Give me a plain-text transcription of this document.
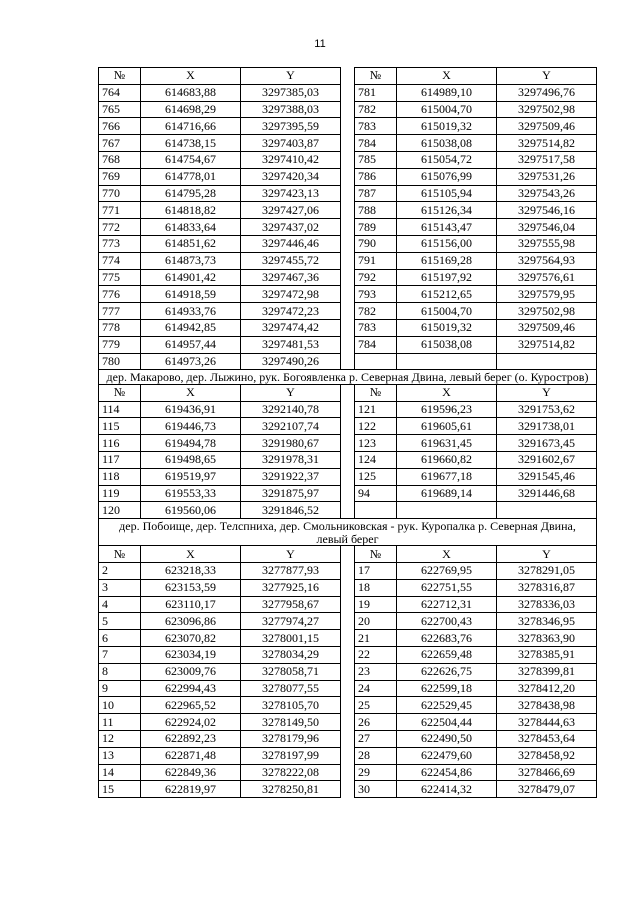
11
№	X	Y		№	X	Y
764	614683,88	3297385,03		781	614989,10	3297496,76
765	614698,29	3297388,03		782	615004,70	3297502,98
766	614716,66	3297395,59		783	615019,32	3297509,46
767	614738,15	3297403,87		784	615038,08	3297514,82
768	614754,67	3297410,42		785	615054,72	3297517,58
769	614778,01	3297420,34		786	615076,99	3297531,26
770	614795,28	3297423,13		787	615105,94	3297543,26
771	614818,82	3297427,06		788	615126,34	3297546,16
772	614833,64	3297437,02		789	615143,47	3297546,04
773	614851,62	3297446,46		790	615156,00	3297555,98
774	614873,73	3297455,72		791	615169,28	3297564,93
775	614901,42	3297467,36		792	615197,92	3297576,61
776	614918,59	3297472,98		793	615212,65	3297579,95
777	614933,76	3297472,23		782	615004,70	3297502,98
778	614942,85	3297474,42		783	615019,32	3297509,46
779	614957,44	3297481,53		784	615038,08	3297514,82
780	614973,26	3297490,26				
дер. Макарово, дер. Лыжино, рук. Богоявленка р. Северная Двина, левый берег (о. Куростров)						
№	X	Y		№	X	Y
114	619436,91	3292140,78		121	619596,23	3291753,62
115	619446,73	3292107,74		122	619605,61	3291738,01
116	619494,78	3291980,67		123	619631,45	3291673,45
117	619498,65	3291978,31		124	619660,82	3291602,67
118	619519,97	3291922,37		125	619677,18	3291545,46
119	619553,33	3291875,97		94	619689,14	3291446,68
120	619560,06	3291846,52				
дер. Побоище, дер. Телспниха, дер. Смольниковская - рук. Куропалка р. Северная Двина, левый берег						
№	X	Y		№	X	Y
2	623218,33	3277877,93		17	622769,95	3278291,05
3	623153,59	3277925,16		18	622751,55	3278316,87
4	623110,17	3277958,67		19	622712,31	3278336,03
5	623096,86	3277974,27		20	622700,43	3278346,95
6	623070,82	3278001,15		21	622683,76	3278363,90
7	623034,19	3278034,29		22	622659,48	3278385,91
8	623009,76	3278058,71		23	622626,75	3278399,81
9	622994,43	3278077,55		24	622599,18	3278412,20
10	622965,52	3278105,70		25	622529,45	3278438,98
11	622924,02	3278149,50		26	622504,44	3278444,63
12	622892,23	3278179,96		27	622490,50	3278453,64
13	622871,48	3278197,99		28	622479,60	3278458,92
14	622849,36	3278222,08		29	622454,86	3278466,69
15	622819,97	3278250,81		30	622414,32	3278479,07
